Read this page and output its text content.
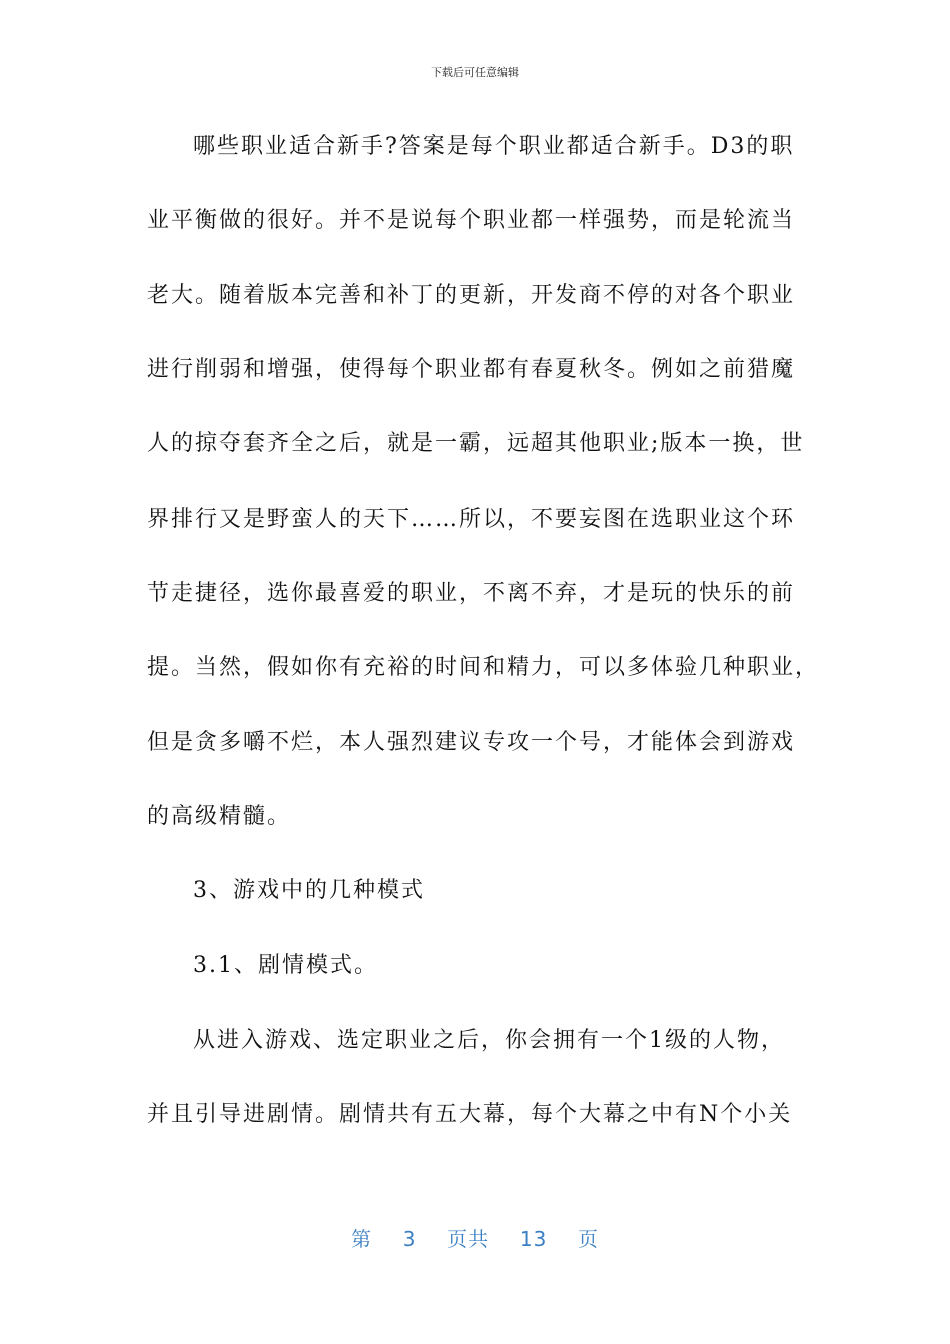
下载后可任意编辑
哪些职业适合新手?答案是每个职业都适合新手。D3的职
业平衡做的很好。并不是说每个职业都一样强势，而是轮流当
老大。随着版本完善和补丁的更新，开发商不停的对各个职业
进行削弱和增强，使得每个职业都有春夏秋冬。例如之前猎魔
人的掠夺套齐全之后，就是一霸，远超其他职业;版本一换，世
界排行又是野蛮人的天下……所以，不要妄图在选职业这个环
节走捷径，选你最喜爱的职业，不离不弃，才是玩的快乐的前
提。当然，假如你有充裕的时间和精力，可以多体验几种职业，
但是贪多嚼不烂，本人强烈建议专攻一个号，才能体会到游戏
的高级精髓。
3、游戏中的几种模式
3.1、剧情模式。
从进入游戏、选定职业之后，你会拥有一个1级的人物，
并且引导进剧情。剧情共有五大幕，每个大幕之中有N个小关
第 3 页共 13 页
